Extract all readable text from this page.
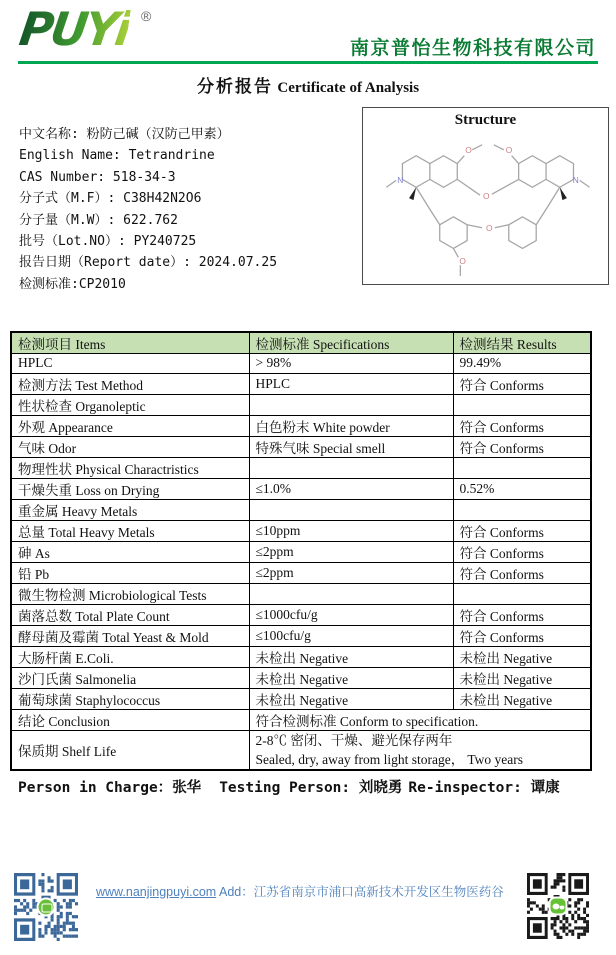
PUYi ®
南京普怡生物科技有限公司
分析报告 Certificate of Analysis
中文名称: 粉防己碱（汉防己甲素）
English Name: Tetrandrine
CAS Number: 518-34-3
分子式（M.F）: C38H42N2O6
分子量（M.W）: 622.762
批号（Lot.NO）: PY240725
报告日期（Report date）: 2024.07.25
检测标准:CP2010
Structure
N	N
O
O
O	O
O
检测项目 Items	检测标准 Specifications	检测结果 Results
HPLC	> 98%	99.49%
检测方法 Test Method	HPLC	符合 Conforms
性状检查 Organoleptic		
外观 Appearance	白色粉末 White powder	符合 Conforms
气味 Odor	特殊气味 Special smell	符合 Conforms
物理性状 Physical Charactristics		
干燥失重 Loss on Drying	≤1.0%	0.52%
重金属 Heavy Metals		
总量 Total Heavy Metals	≤10ppm	符合 Conforms
砷 As	≤2ppm	符合 Conforms
铅 Pb	≤2ppm	符合 Conforms
微生物检测 Microbiological Tests		
菌落总数 Total Plate Count	≤1000cfu/g	符合 Conforms
酵母菌及霉菌 Total Yeast & Mold	≤100cfu/g	符合 Conforms
大肠杆菌 E.Coli.	未检出 Negative	未检出 Negative
沙门氏菌 Salmonelia	未检出 Negative	未检出 Negative
葡萄球菌 Staphylococcus	未检出 Negative	未检出 Negative
结论 Conclusion	符合检测标准 Conform to specification.	
保质期 Shelf Life	2-8℃ 密闭、干燥、避光保存两年
Sealed, dry, away from light storage， Two years	
Person in Charge：张华 Testing Person: 刘晓勇 Re-inspector: 谭康
www.nanjingpuyi.com Add：江苏省南京市浦口高新技术开发区生物医药谷
